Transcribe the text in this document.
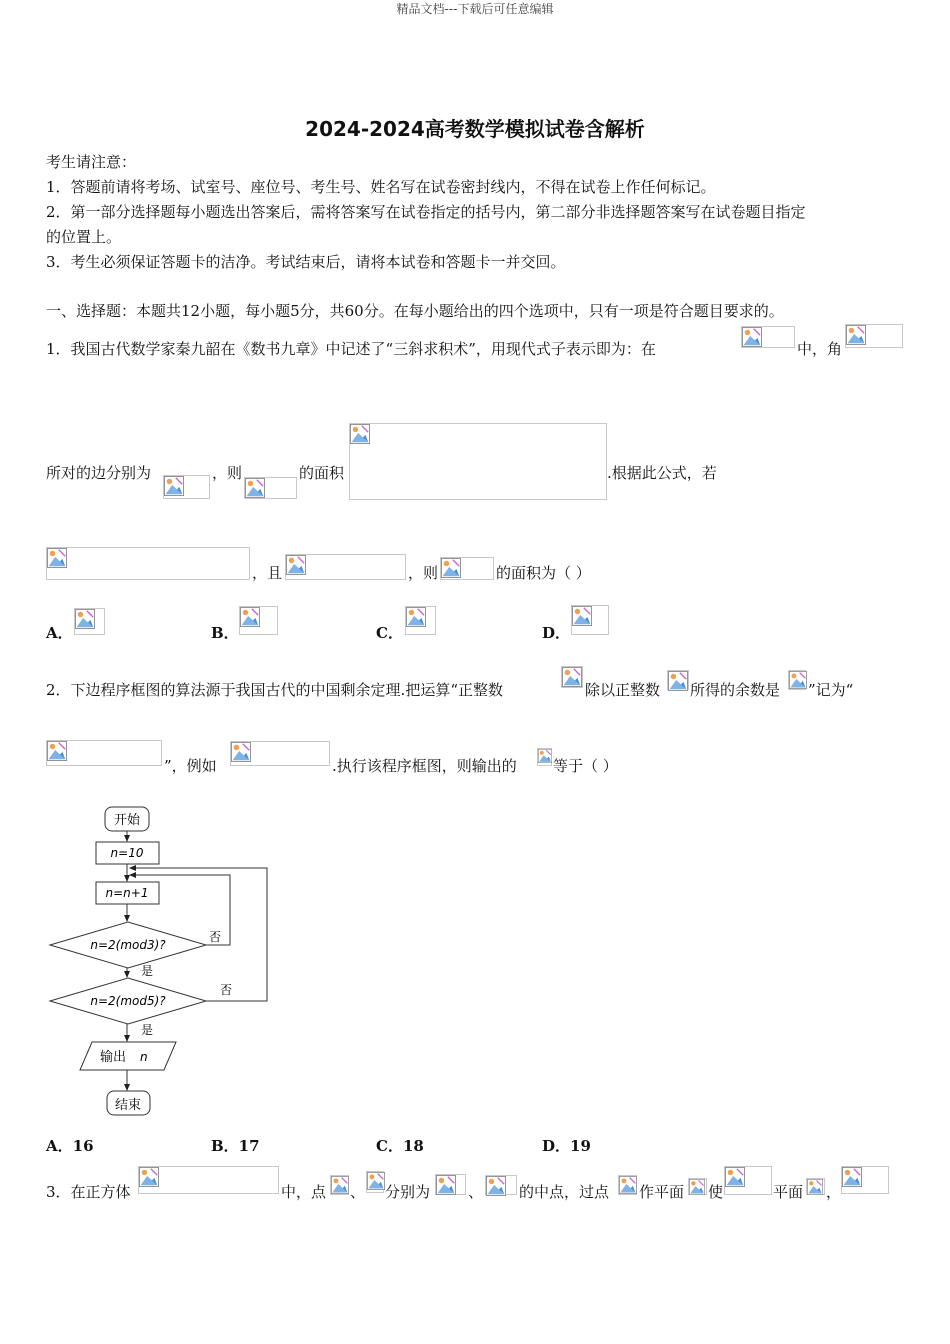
精品文档---下载后可任意编辑
2024-2024高考数学模拟试卷含解析
考生请注意：
1．答题前请将考场、试室号、座位号、考生号、姓名写在试卷密封线内，不得在试卷上作任何标记。
2．第一部分选择题每小题选出答案后，需将答案写在试卷指定的括号内，第二部分非选择题答案写在试卷题目指定
的位置上。
3．考生必须保证答题卡的洁净。考试结束后，请将本试卷和答题卡一并交回。
一、选择题：本题共12小题，每小题5分，共60分。在每小题给出的四个选项中，只有一项是符合题目要求的。
1．我国古代数学家秦九韶在《数书九章》中记述了“三斜求积术”，用现代式子表示即为：在	中，角
所对的边分别为	，则	的面积	.根据此公式，若
，且	，则	的面积为（ ）
A．	B．	C．	D．
2．下边程序框图的算法源于我国古代的中国剩余定理.把运算“正整数	除以正整数 所得的余数是 ”记为“
”，例如	.执行该程序框图，则输出的 等于（ ）
开始
n=10
n=n+1
n=2(mod3)?
n=2(mod5)?
是
否
是
否
输出 n
结束
A．16	B．17	C．18	D．19
3．在正方体	中，点 、 分别为	、 的中点，过点 作平面 使	平面 ，
